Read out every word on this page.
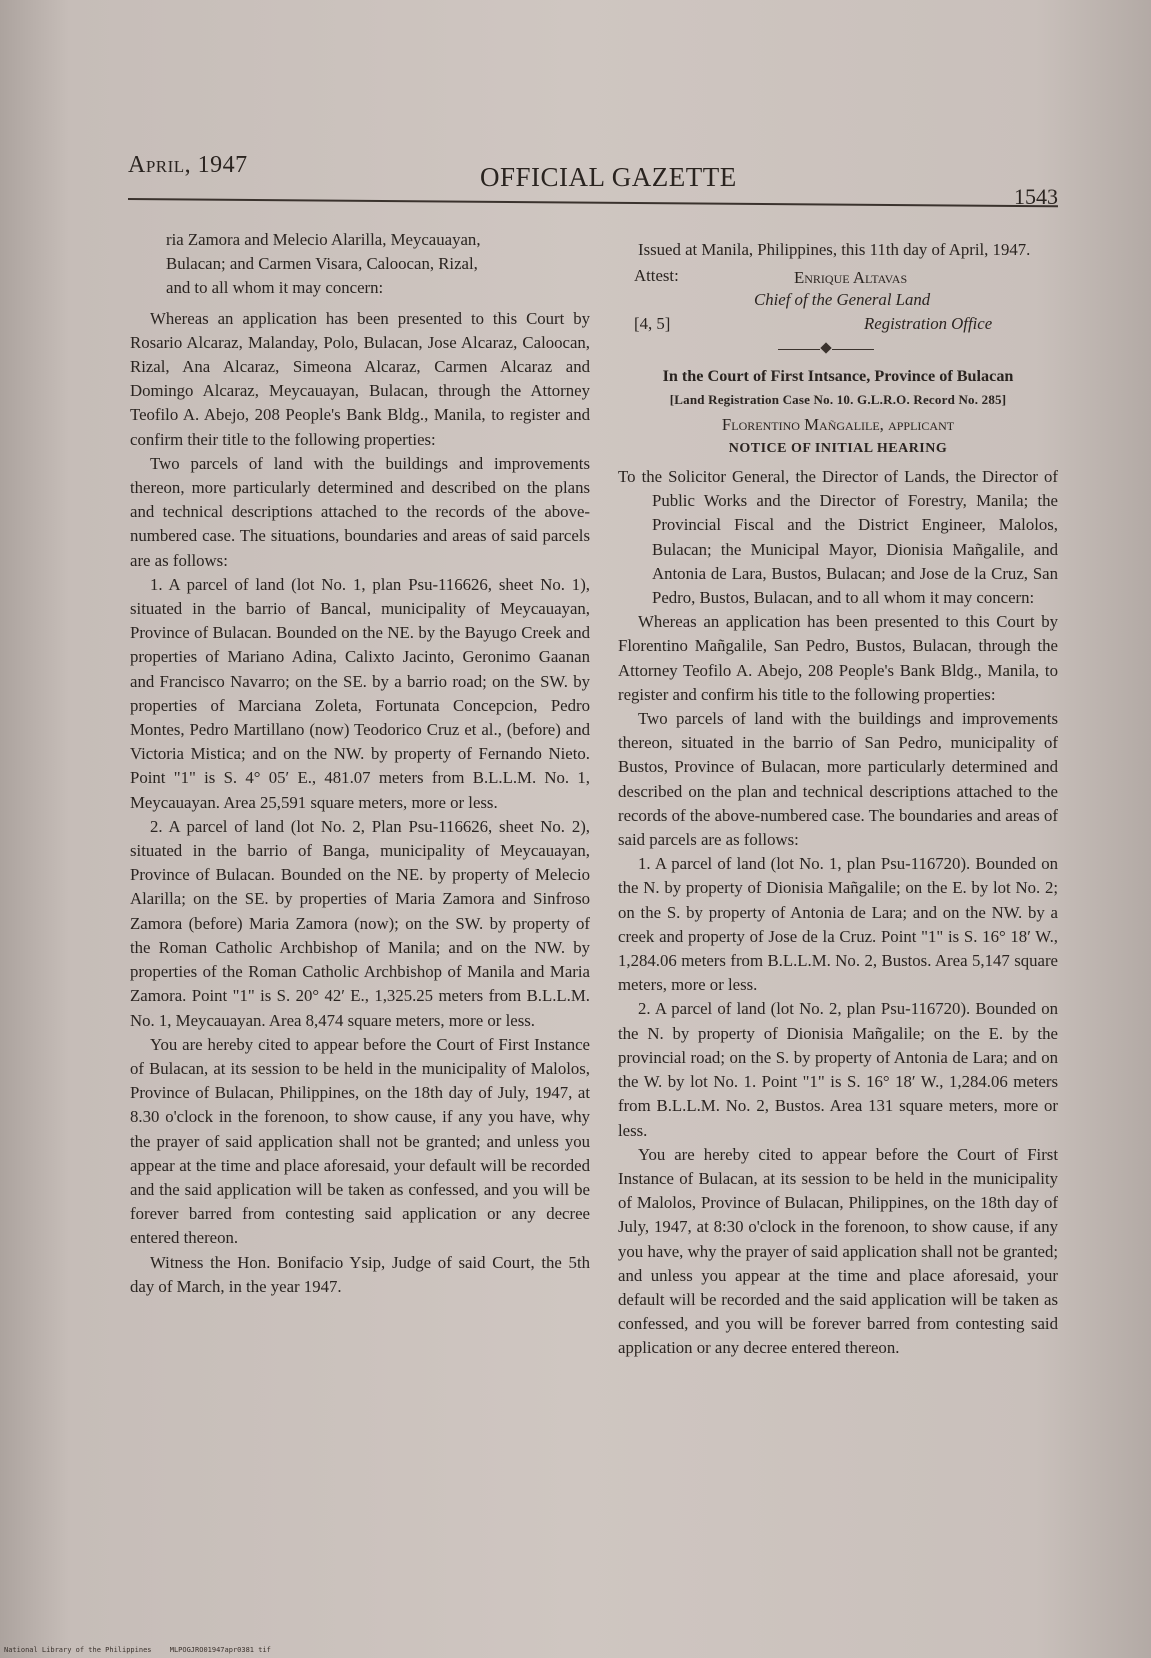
April, 1947	OFFICIAL GAZETTE
1543
ria Zamora and Melecio Alarilla, Meycauayan,
Bulacan; and Carmen Visara, Caloocan, Rizal,
and to all whom it may concern:

Whereas an application has been presented to this Court by Rosario Alcaraz, Malanday, Polo, Bulacan, Jose Alcaraz, Caloocan, Rizal, Ana Alcaraz, Simeona Alcaraz, Carmen Alcaraz and Domingo Alcaraz, Meycauayan, Bulacan, through the Attorney Teofilo A. Abejo, 208 People's Bank Bldg., Manila, to register and confirm their title to the following properties:

Two parcels of land with the buildings and improvements thereon, more particularly determined and described on the plans and technical descriptions attached to the records of the above-numbered case. The situations, boundaries and areas of said parcels are as follows:

1. A parcel of land (lot No. 1, plan Psu-116626, sheet No. 1), situated in the barrio of Bancal, municipality of Meycauayan, Province of Bulacan. Bounded on the NE. by the Bayugo Creek and properties of Mariano Adina, Calixto Jacinto, Geronimo Gaanan and Francisco Navarro; on the SE. by a barrio road; on the SW. by properties of Marciana Zoleta, Fortunata Concepcion, Pedro Montes, Pedro Martillano (now) Teodorico Cruz et al., (before) and Victoria Mistica; and on the NW. by property of Fernando Nieto. Point "1" is S. 4° 05′ E., 481.07 meters from B.L.L.M. No. 1, Meycauayan. Area 25,591 square meters, more or less.

2. A parcel of land (lot No. 2, Plan Psu-116626, sheet No. 2), situated in the barrio of Banga, municipality of Meycauayan, Province of Bulacan. Bounded on the NE. by property of Melecio Alarilla; on the SE. by properties of Maria Zamora and Sinfroso Zamora (before) Maria Zamora (now); on the SW. by property of the Roman Catholic Archbishop of Manila; and on the NW. by properties of the Roman Catholic Archbishop of Manila and Maria Zamora. Point "1" is S. 20° 42′ E., 1,325.25 meters from B.L.L.M. No. 1, Meycauayan. Area 8,474 square meters, more or less.

You are hereby cited to appear before the Court of First Instance of Bulacan, at its session to be held in the municipality of Malolos, Province of Bulacan, Philippines, on the 18th day of July, 1947, at 8.30 o'clock in the forenoon, to show cause, if any you have, why the prayer of said application shall not be granted; and unless you appear at the time and place aforesaid, your default will be recorded and the said application will be taken as confessed, and you will be forever barred from contesting said application or any decree entered thereon.

Witness the Hon. Bonifacio Ysip, Judge of said Court, the 5th day of March, in the year 1947.

Issued at Manila, Philippines, this 11th day of April, 1947.

Attest:	Enrique Altavas
Chief of the General Land
[4, 5]	Registration Office
In the Court of First Intsance, Province of Bulacan
[Land Registration Case No. 10. G.L.R.O. Record No. 285]
Florentino Mañgalile, applicant
NOTICE OF INITIAL HEARING

To the Solicitor General, the Director of Lands, the Director of Public Works and the Director of Forestry, Manila; the Provincial Fiscal and the District Engineer, Malolos, Bulacan; the Municipal Mayor, Dionisia Mañgalile, and Antonia de Lara, Bustos, Bulacan; and Jose de la Cruz, San Pedro, Bustos, Bulacan, and to all whom it may concern:

Whereas an application has been presented to this Court by Florentino Mañgalile, San Pedro, Bustos, Bulacan, through the Attorney Teofilo A. Abejo, 208 People's Bank Bldg., Manila, to register and confirm his title to the following properties:

Two parcels of land with the buildings and improvements thereon, situated in the barrio of San Pedro, municipality of Bustos, Province of Bulacan, more particularly determined and described on the plan and technical descriptions attached to the records of the above-numbered case. The boundaries and areas of said parcels are as follows:

1. A parcel of land (lot No. 1, plan Psu-116720). Bounded on the N. by property of Dionisia Mañgalile; on the E. by lot No. 2; on the S. by property of Antonia de Lara; and on the NW. by a creek and property of Jose de la Cruz. Point "1" is S. 16° 18′ W., 1,284.06 meters from B.L.L.M. No. 2, Bustos. Area 5,147 square meters, more or less.

2. A parcel of land (lot No. 2, plan Psu-116720). Bounded on the N. by property of Dionisia Mañgalile; on the E. by the provincial road; on the S. by property of Antonia de Lara; and on the W. by lot No. 1. Point "1" is S. 16° 18′ W., 1,284.06 meters from B.L.L.M. No. 2, Bustos. Area 131 square meters, more or less.

You are hereby cited to appear before the Court of First Instance of Bulacan, at its session to be held in the municipality of Malolos, Province of Bulacan, Philippines, on the 18th day of July, 1947, at 8:30 o'clock in the forenoon, to show cause, if any you have, why the prayer of said application shall not be granted; and unless you appear at the time and place aforesaid, your default will be recorded and the said application will be taken as confessed, and you will be forever barred from contesting said application or any decree entered thereon.

National Library of the Philippines	MLPOGJRO01947apr0381 tif
